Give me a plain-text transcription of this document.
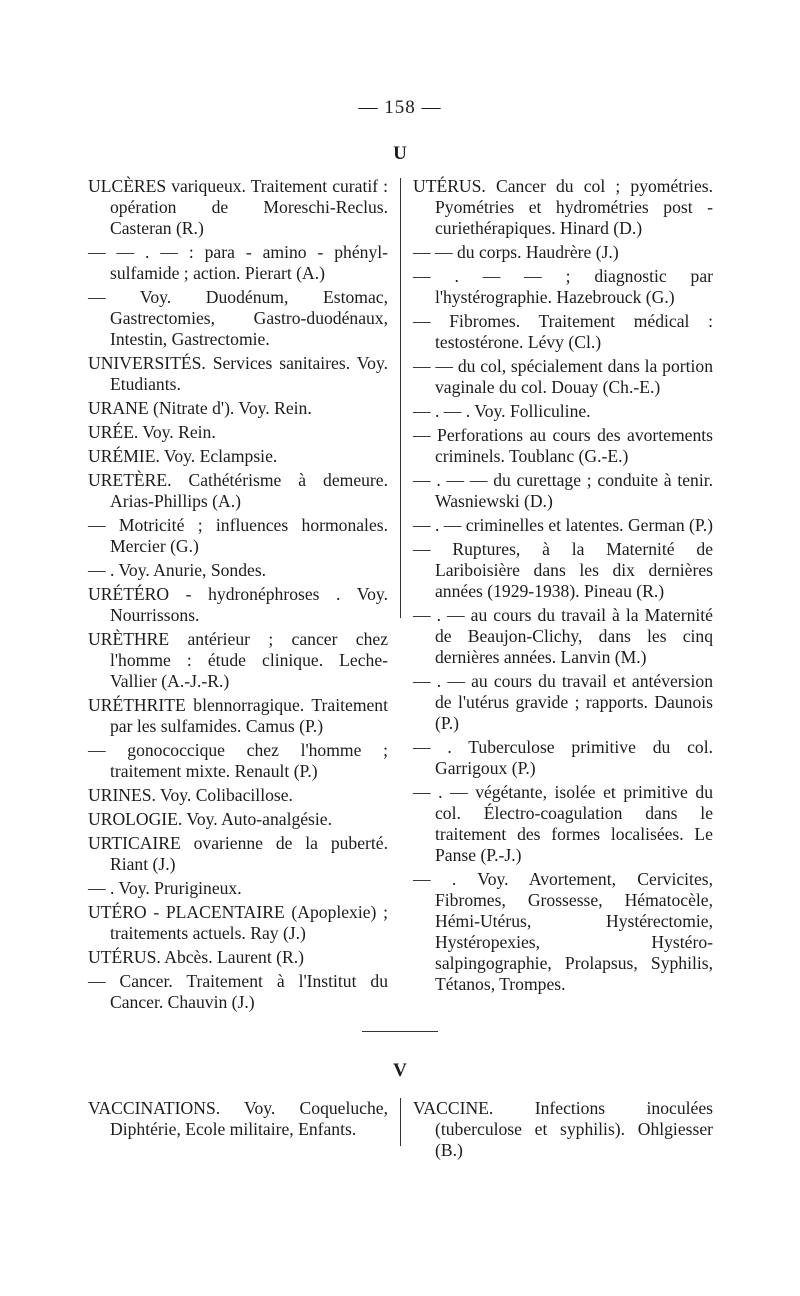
— 158 —
U
ULCÈRES variqueux. Traitement curatif : opération de Moreschi-Reclus. Casteran (R.)
— — . — : para - amino - phényl-sulfamide ; action. Pierart (A.)
— Voy. Duodénum, Estomac, Gastrectomies, Gastro-duodénaux, Intestin, Gastrectomie.
UNIVERSITÉS. Services sanitaires. Voy. Etudiants.
URANE (Nitrate d'). Voy. Rein.
URÉE. Voy. Rein.
URÉMIE. Voy. Eclampsie.
URETÈRE. Cathétérisme à demeure. Arias-Phillips (A.)
— Motricité ; influences hormonales. Mercier (G.)
— . Voy. Anurie, Sondes.
URÉTÉRO - hydronéphroses . Voy. Nourrissons.
URÈTHRE antérieur ; cancer chez l'homme : étude clinique. Leche-Vallier (A.-J.-R.)
URÉTHRITE blennorragique. Traitement par les sulfamides. Camus (P.)
— gonococcique chez l'homme ; traitement mixte. Renault (P.)
URINES. Voy. Colibacillose.
UROLOGIE. Voy. Auto-analgésie.
URTICAIRE ovarienne de la puberté. Riant (J.)
— . Voy. Prurigineux.
UTÉRO - PLACENTAIRE (Apoplexie) ; traitements actuels. Ray (J.)
UTÉRUS. Abcès. Laurent (R.)
— Cancer. Traitement à l'Institut du Cancer. Chauvin (J.)
UTÉRUS. Cancer du col ; pyométries. Pyométries et hydrométries post - curiethérapiques. Hinard (D.)
— — du corps. Haudrère (J.)
— . — — ; diagnostic par l'hystérographie. Hazebrouck (G.)
— Fibromes. Traitement médical : testostérone. Lévy (Cl.)
— — du col, spécialement dans la portion vaginale du col. Douay (Ch.-E.)
— . — . Voy. Folliculine.
— Perforations au cours des avortements criminels. Toublanc (G.-E.)
— . — — du curettage ; conduite à tenir. Wasniewski (D.)
— . — criminelles et latentes. German (P.)
— Ruptures, à la Maternité de Lariboisière dans les dix dernières années (1929-1938). Pineau (R.)
— . — au cours du travail à la Maternité de Beaujon-Clichy, dans les cinq dernières années. Lanvin (M.)
— . — au cours du travail et antéversion de l'utérus gravide ; rapports. Daunois (P.)
— . Tuberculose primitive du col. Garrigoux (P.)
— . — végétante, isolée et primitive du col. Électro-coagulation dans le traitement des formes localisées. Le Panse (P.-J.)
— . Voy. Avortement, Cervicites, Fibromes, Grossesse, Hématocèle, Hémi-Utérus, Hystérectomie, Hystéropexies, Hystéro-salpingographie, Prolapsus, Syphilis, Tétanos, Trompes.
V
VACCINATIONS. Voy. Coqueluche, Diphtérie, Ecole militaire, Enfants.
VACCINE. Infections inoculées (tuberculose et syphilis). Ohlgiesser (B.)
